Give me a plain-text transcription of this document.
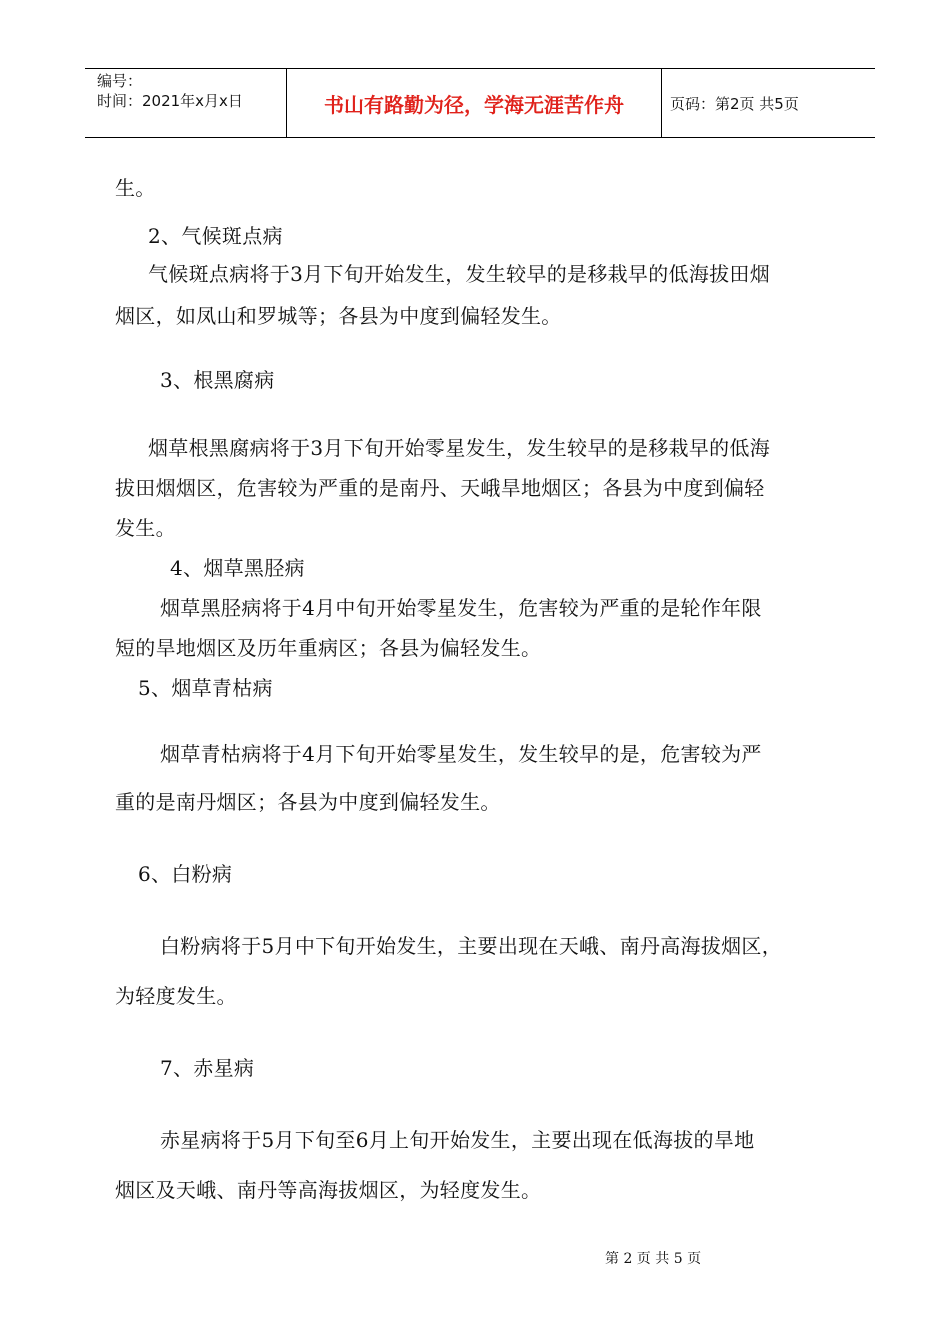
编号：
时间：2021年x月x日	书山有路勤为径，学海无涯苦作舟	页码：第2页 共5页
生。
2、气候斑点病
气候斑点病将于3月下旬开始发生，发生较早的是移栽早的低海拔田烟
烟区，如凤山和罗城等；各县为中度到偏轻发生。
3、根黑腐病
烟草根黑腐病将于3月下旬开始零星发生，发生较早的是移栽早的低海
拔田烟烟区，危害较为严重的是南丹、天峨旱地烟区；各县为中度到偏轻
发生。
4、烟草黑胫病
烟草黑胫病将于4月中旬开始零星发生，危害较为严重的是轮作年限
短的旱地烟区及历年重病区；各县为偏轻发生。
5、烟草青枯病
烟草青枯病将于4月下旬开始零星发生，发生较早的是，危害较为严
重的是南丹烟区；各县为中度到偏轻发生。
6、白粉病
白粉病将于5月中下旬开始发生，主要出现在天峨、南丹高海拔烟区，
为轻度发生。
7、赤星病
赤星病将于5月下旬至6月上旬开始发生，主要出现在低海拔的旱地
烟区及天峨、南丹等高海拔烟区，为轻度发生。
第 2 页 共 5 页
